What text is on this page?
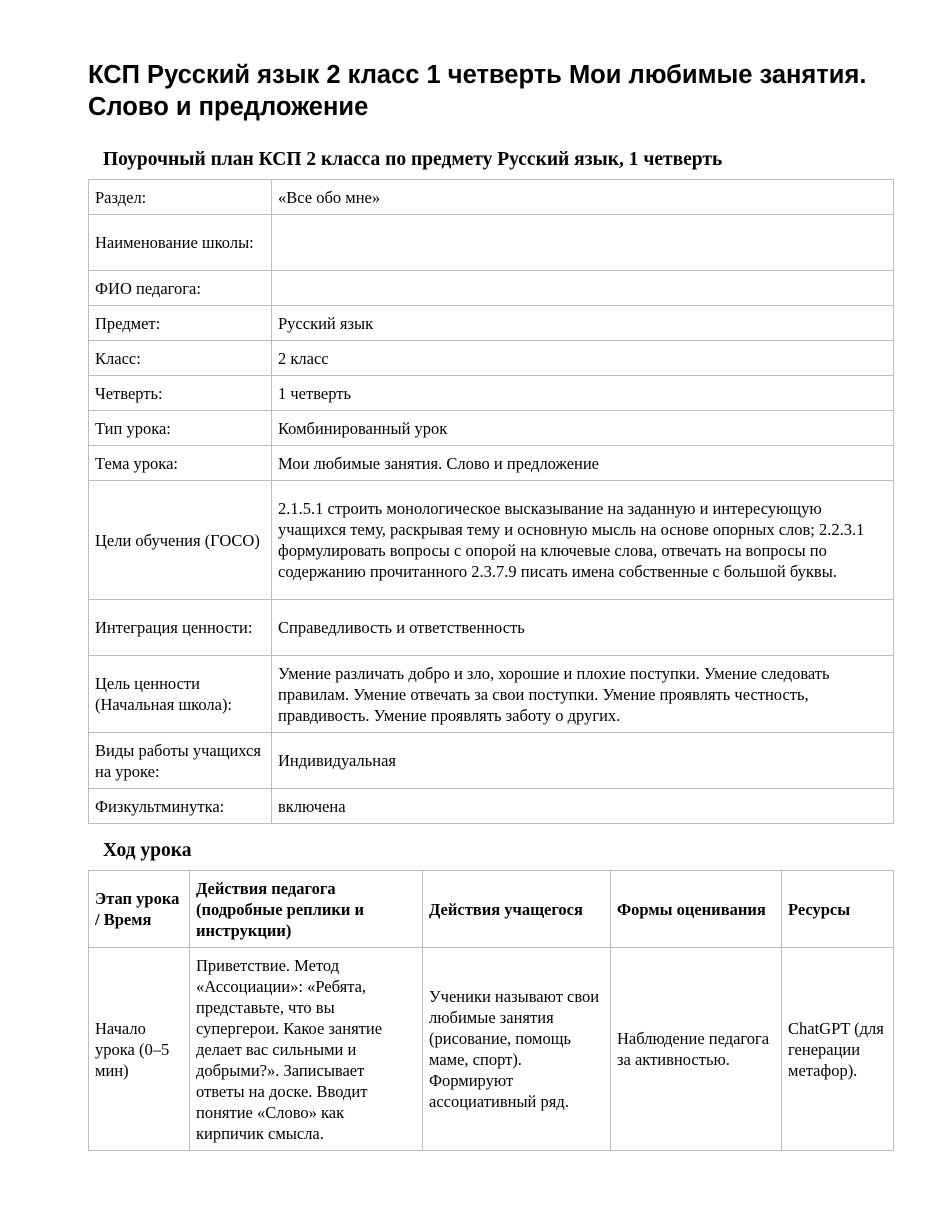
КСП Русский язык 2 класс 1 четверть Мои любимые занятия. Слово и предложение
Поурочный план КСП 2 класса по предмету Русский язык, 1 четверть
Раздел:	«Все обо мне»
Наименование школы:	
ФИО педагога:	
Предмет:	Русский язык
Класс:	2 класс
Четверть:	1 четверть
Тип урока:	Комбинированный урок
Тема урока:	Мои любимые занятия. Слово и предложение
Цели обучения (ГОСО)	2.1.5.1 строить монологическое высказывание на заданную и интересующую учащихся тему, раскрывая тему и основную мысль на основе опорных слов; 2.2.3.1 формулировать вопросы с опорой на ключевые слова, отвечать на вопросы по содержанию прочитанного 2.3.7.9 писать имена собственные с большой буквы.
Интеграция ценности:	Справедливость и ответственность
Цель ценности (Начальная школа):	Умение различать добро и зло, хорошие и плохие поступки. Умение следовать правилам. Умение отвечать за свои поступки. Умение проявлять честность, правдивость. Умение проявлять заботу о других.
Виды работы учащихся на уроке:	Индивидуальная
Физкультминутка:	включена
Ход урока
Этап урока / Время	Действия педагога (подробные реплики и инструкции)	Действия учащегося	Формы оценивания	Ресурсы
Начало урока (0–5 мин)	Приветствие. Метод «Ассоциации»: «Ребята, представьте, что вы супергерои. Какое занятие делает вас сильными и добрыми?». Записывает ответы на доске. Вводит понятие «Слово» как кирпичик смысла.	Ученики называют свои любимые занятия (рисование, помощь маме, спорт). Формируют ассоциативный ряд.	Наблюдение педагога за активностью.	ChatGPT (для генерации метафор).
